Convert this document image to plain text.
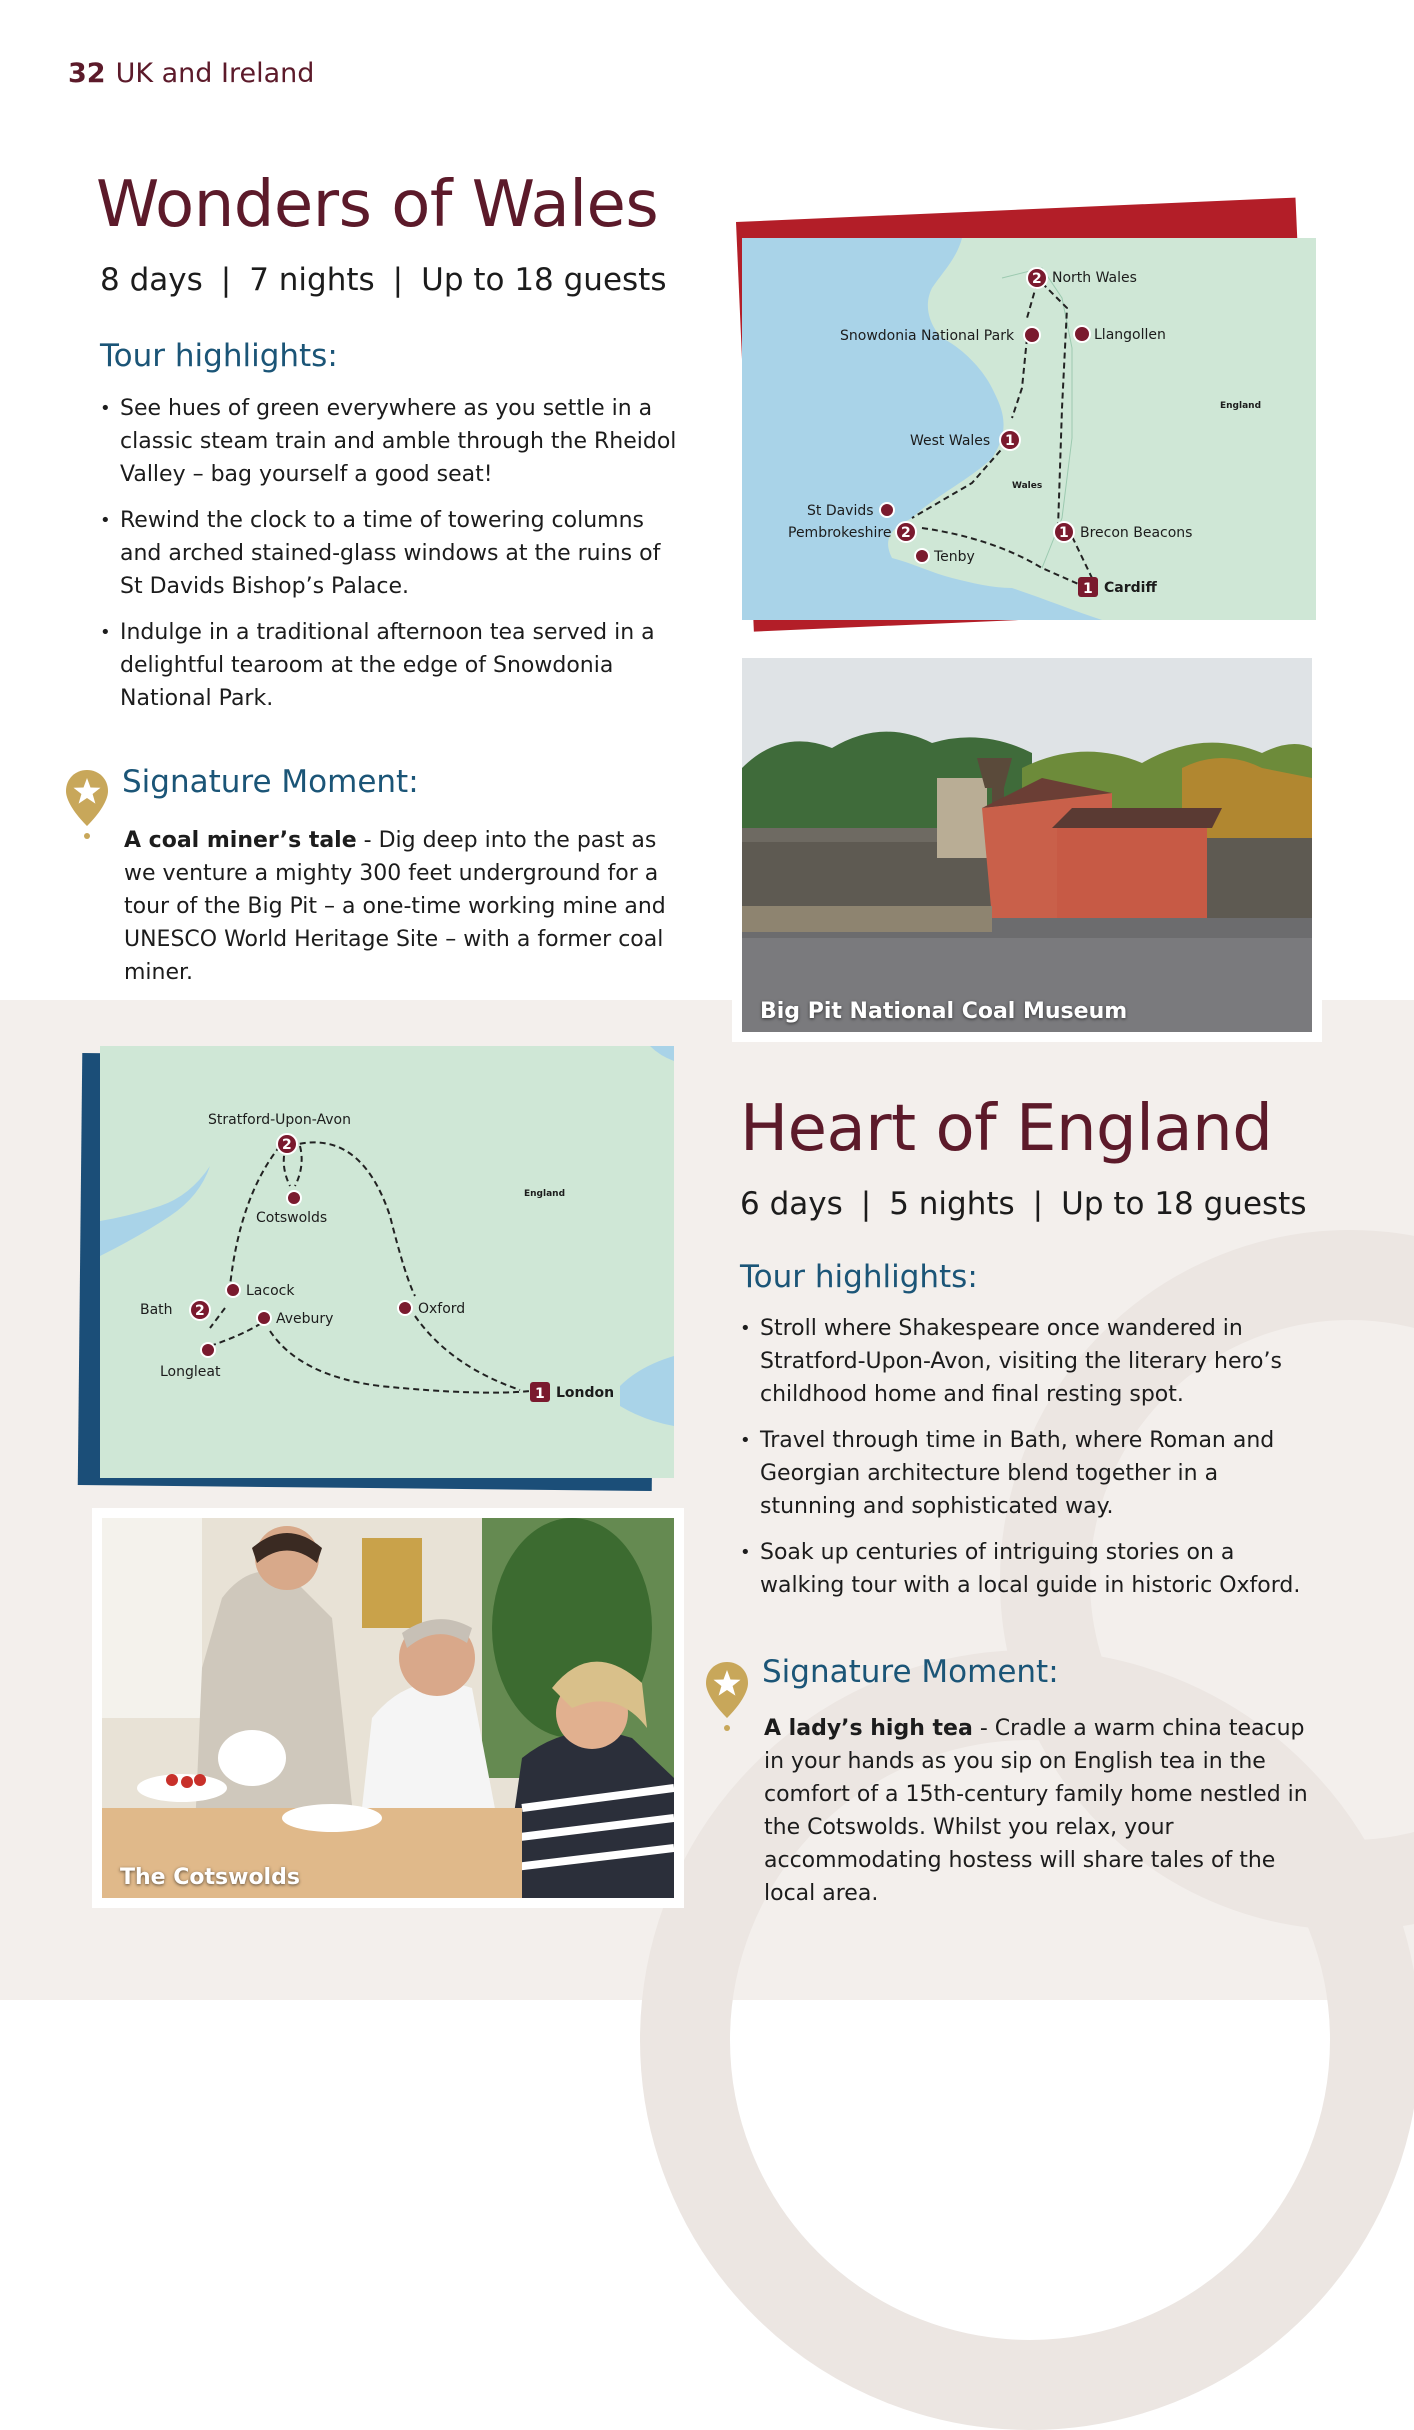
32 UK and Ireland
Wonders of Wales
8 days | 7 nights | Up to 18 guests
Tour highlights:
• See hues of green everywhere as you settle in a classic steam train and amble through the Rheidol Valley – bag yourself a good seat!
• Rewind the clock to a time of towering columns and arched stained-glass windows at the ruins of St Davids Bishop’s Palace.
• Indulge in a traditional afternoon tea served in a delightful tearoom at the edge of Snowdonia National Park.
Signature Moment:
A coal miner’s tale - Dig deep into the past as we venture a mighty 300 feet underground for a tour of the Big Pit – a one-time working mine and UNESCO World Heritage Site – with a former coal miner.
2 North Wales
Snowdonia National Park	Llangollen
England
1
West Wales
Wales
St Davids
2
Pembrokeshire
Tenby
1 Brecon Beacons
1 Cardiff
Big Pit National Coal Museum
2
Stratford-Upon-Avon
Cotswolds
England
Lacock
2
Bath
Avebury
Oxford
Longleat
1 London
The Cotswolds
Heart of England
6 days | 5 nights | Up to 18 guests
Tour highlights:
• Stroll where Shakespeare once wandered in Stratford-Upon-Avon, visiting the literary hero’s childhood home and final resting spot.
• Travel through time in Bath, where Roman and Georgian architecture blend together in a stunning and sophisticated way.
• Soak up centuries of intriguing stories on a walking tour with a local guide in historic Oxford.
Signature Moment:
A lady’s high tea - Cradle a warm china teacup in your hands as you sip on English tea in the comfort of a 15th-century family home nestled in the Cotswolds. Whilst you relax, your accommodating hostess will share tales of the local area.
